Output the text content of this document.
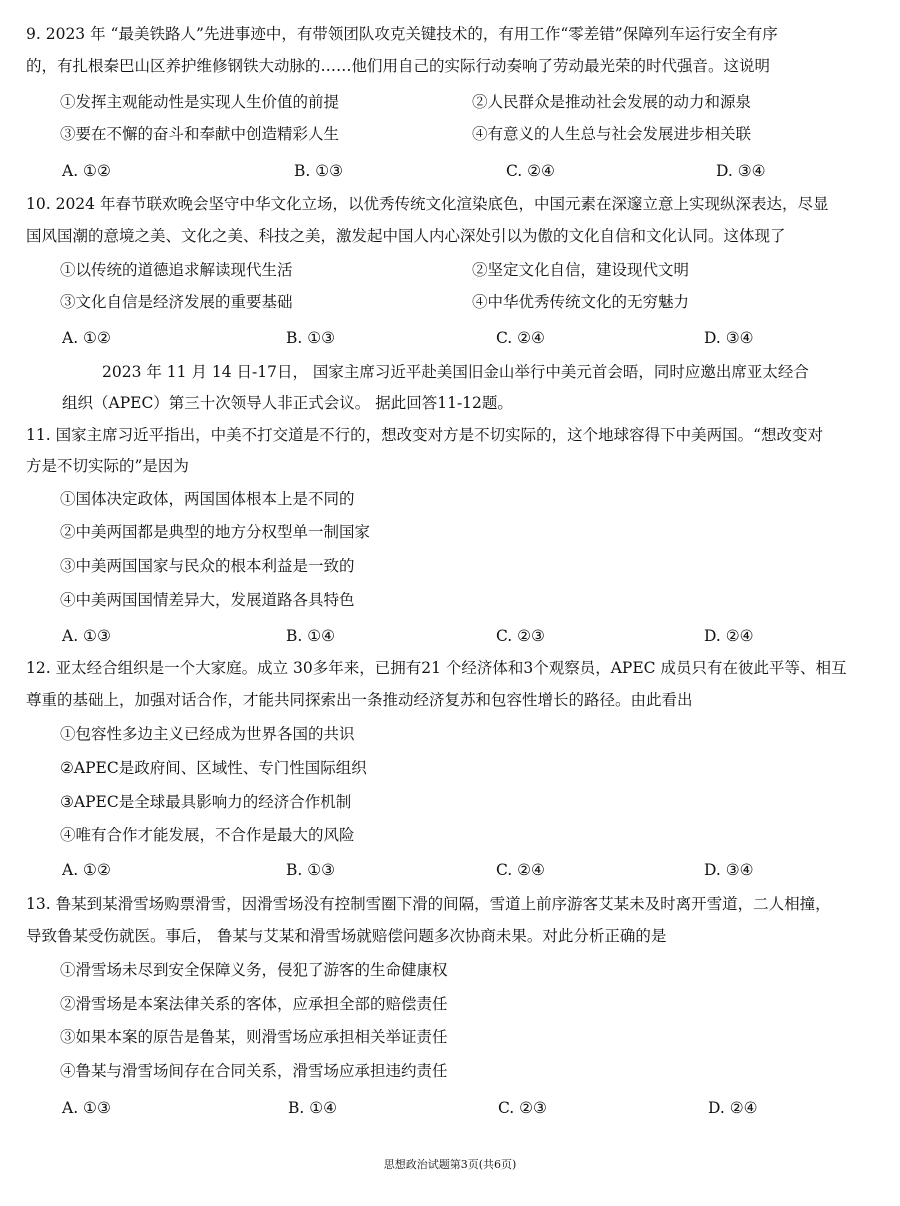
9. 2023 年 “最美铁路人”先进事迹中，有带领团队攻克关键技术的，有用工作“零差错”保障列车运行安全有序
的，有扎根秦巴山区养护维修钢铁大动脉的……他们用自己的实际行动奏响了劳动最光荣的时代强音。这说明
①发挥主观能动性是实现人生价值的前提	②人民群众是推动社会发展的动力和源泉
③要在不懈的奋斗和奉献中创造精彩人生	④有意义的人生总与社会发展进步相关联
A. ①②	B. ①③	C. ②④	D. ③④
10. 2024 年春节联欢晚会坚守中华文化立场，以优秀传统文化渲染底色，中国元素在深邃立意上实现纵深表达，尽显
国风国潮的意境之美、文化之美、科技之美，激发起中国人内心深处引以为傲的文化自信和文化认同。这体现了
①以传统的道德追求解读现代生活	②坚定文化自信，建设现代文明
③文化自信是经济发展的重要基础	④中华优秀传统文化的无穷魅力
A. ①②	B. ①③	C. ②④	D. ③④
2023 年 11 月 14 日-17日， 国家主席习近平赴美国旧金山举行中美元首会晤，同时应邀出席亚太经合
组织（APEC）第三十次领导人非正式会议。 据此回答11-12题。
11. 国家主席习近平指出，中美不打交道是不行的，想改变对方是不切实际的，这个地球容得下中美两国。“想改变对
方是不切实际的”是因为
①国体决定政体，两国国体根本上是不同的
②中美两国都是典型的地方分权型单一制国家
③中美两国国家与民众的根本利益是一致的
④中美两国国情差异大，发展道路各具特色
A. ①③	B. ①④	C. ②③	D. ②④
12. 亚太经合组织是一个大家庭。成立 30多年来，已拥有21 个经济体和3个观察员，APEC 成员只有在彼此平等、相互
尊重的基础上，加强对话合作，才能共同探索出一条推动经济复苏和包容性增长的路径。由此看出
①包容性多边主义已经成为世界各国的共识
②APEC是政府间、区域性、专门性国际组织
③APEC是全球最具影响力的经济合作机制
④唯有合作才能发展，不合作是最大的风险
A. ①②	B. ①③	C. ②④	D. ③④
13. 鲁某到某滑雪场购票滑雪，因滑雪场没有控制雪圈下滑的间隔，雪道上前序游客艾某未及时离开雪道，二人相撞，
导致鲁某受伤就医。事后， 鲁某与艾某和滑雪场就赔偿问题多次协商未果。对此分析正确的是
①滑雪场未尽到安全保障义务，侵犯了游客的生命健康权
②滑雪场是本案法律关系的客体，应承担全部的赔偿责任
③如果本案的原告是鲁某，则滑雪场应承担相关举证责任
④鲁某与滑雪场间存在合同关系，滑雪场应承担违约责任
A. ①③	B. ①④	C. ②③	D. ②④
思想政治试题第3页(共6页)
